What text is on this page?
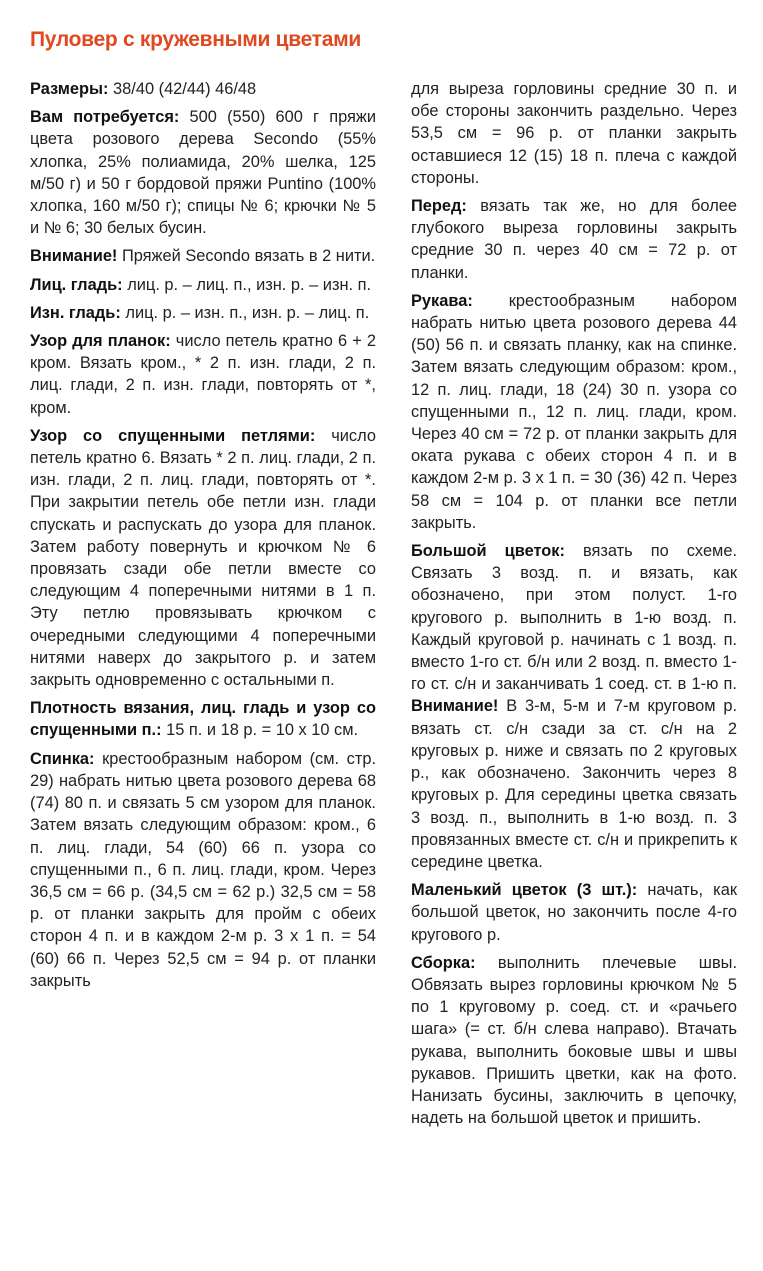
Пуловер с кружевными цветами

Размеры: 38/40 (42/44) 46/48

Вам потребуется: 500 (550) 600 г пряжи цвета розового дерева Secondo (55% хлопка, 25% полиамида, 20% шелка, 125 м/50 г) и 50 г бордовой пряжи Puntino (100% хлопка, 160 м/50 г); спицы № 6; крючки № 5 и № 6; 30 белых бусин.

Внимание! Пряжей Secondo вязать в 2 нити.

Лиц. гладь: лиц. р. – лиц. п., изн. р. – изн. п.

Изн. гладь: лиц. р. – изн. п., изн. р. – лиц. п.

Узор для планок: число петель кратно 6 + 2 кром. Вязать кром., * 2 п. изн. глади, 2 п. лиц. глади, 2 п. изн. глади, повторять от *, кром.

Узор со спущенными петлями: число петель кратно 6. Вязать * 2 п. лиц. глади, 2 п. изн. глади, 2 п. лиц. глади, повторять от *. При закрытии петель обе петли изн. глади спускать и распускать до узора для планок. Затем работу повернуть и крючком № 6 провязать сзади обе петли вместе со следующим 4 поперечными нитями в 1 п. Эту петлю провязывать крючком с очередными следующими 4 поперечными нитями наверх до закрытого р. и затем закрыть одновременно с остальными п.

Плотность вязания, лиц. гладь и узор со спущенными п.: 15 п. и 18 р. = 10 x 10 см.

Спинка: крестообразным набором (см. стр. 29) набрать нитью цвета розового дерева 68 (74) 80 п. и связать 5 см узором для планок. Затем вязать следующим образом: кром., 6 п. лиц. глади, 54 (60) 66 п. узора со спущенными п., 6 п. лиц. глади, кром. Через 36,5 см = 66 р. (34,5 см = 62 р.) 32,5 см = 58 р. от планки закрыть для пройм с обеих сторон 4 п. и в каждом 2-м р. 3 x 1 п. = 54 (60) 66 п. Через 52,5 см = 94 р. от планки закрыть

для выреза горловины средние 30 п. и обе стороны закончить раздельно. Через 53,5 см = 96 р. от планки закрыть оставшиеся 12 (15) 18 п. плеча с каждой стороны.

Перед: вязать так же, но для более глубокого выреза горловины закрыть средние 30 п. через 40 см = 72 р. от планки.

Рукава: крестообразным набором набрать нитью цвета розового дерева 44 (50) 56 п. и связать планку, как на спинке. Затем вязать следующим образом: кром., 12 п. лиц. глади, 18 (24) 30 п. узора со спущенными п., 12 п. лиц. глади, кром. Через 40 см = 72 р. от планки закрыть для оката рукава с обеих сторон 4 п. и в каждом 2-м р. 3 x 1 п. = 30 (36) 42 п. Через 58 см = 104 р. от планки все петли закрыть.

Большой цветок: вязать по схеме. Связать 3 возд. п. и вязать, как обозначено, при этом полуст. 1-го кругового р. выполнить в 1-ю возд. п. Каждый круговой р. начинать с 1 возд. п. вместо 1-го ст. б/н или 2 возд. п. вместо 1-го ст. с/н и заканчивать 1 соед. ст. в 1-ю п. Внимание! В 3-м, 5-м и 7-м круговом р. вязать ст. с/н сзади за ст. с/н на 2 круговых р. ниже и связать по 2 круговых р., как обозначено. Закончить через 8 круговых р. Для середины цветка связать 3 возд. п., выполнить в 1-ю возд. п. 3 провязанных вместе ст. с/н и прикрепить к середине цветка.

Маленький цветок (3 шт.): начать, как большой цветок, но закончить после 4-го кругового р.

Сборка: выполнить плечевые швы. Обвязать вырез горловины крючком № 5 по 1 круговому р. соед. ст. и «рачьего шага» (= ст. б/н слева направо). Втачать рукава, выполнить боковые швы и швы рукавов. Пришить цветки, как на фото. Нанизать бусины, заключить в цепочку, надеть на большой цветок и пришить.
